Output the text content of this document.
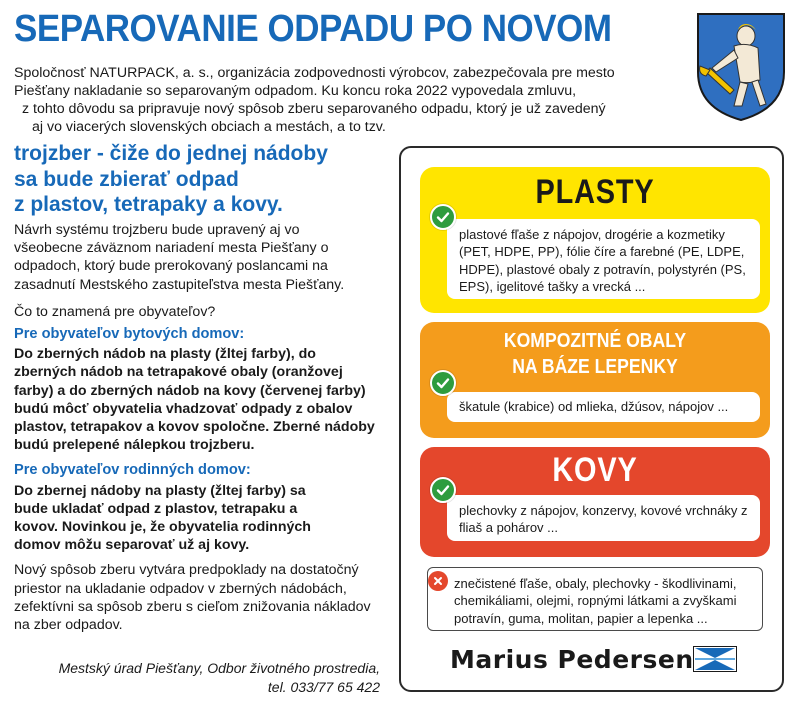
SEPAROVANIE ODPADU PO NOVOM
Spoločnosť NATURPACK, a. s., organizácia zodpovednosti výrobcov, zabezpečovala pre mesto
Piešťany nakladanie so separovaným odpadom. Ku koncu roka 2022 vypovedala zmluvu,
z tohto dôvodu sa pripravuje nový spôsob zberu separovaného odpadu, ktorý je už zavedený
aj vo viacerých slovenských obciach a mestách, a to tzv.
trojzber - čiže do jednej nádoby
sa bude zbierať odpad
z plastov, tetrapaky a kovy.

Návrh systému trojzberu bude upravený aj vo všeobecne záväznom nariadení mesta Piešťany o odpadoch, ktorý bude prerokovaný poslancami na zasadnutí Mestského zastupiteľstva mesta Piešťany.

Čo to znamená pre obyvateľov?

Pre obyvateľov bytových domov:

Do zberných nádob na plasty (žltej farby), do zberných nádob na tetrapakové obaly (oranžovej farby) a do zberných nádob na kovy (červenej farby) budú môcť obyvatelia vhadzovať odpady z obalov plastov, tetrapakov a kovov spoločne. Zberné nádoby budú prelepené nálepkou trojzberu.

Pre obyvateľov rodinných domov:

Do zbernej nádoby na plasty (žltej farby) sa bude ukladať odpad z plastov, tetrapaku a kovov. Novinkou je, že obyvatelia rodinných domov môžu separovať už aj kovy.

Nový spôsob zberu vytvára predpoklady na dostatočný priestor na ukladanie odpadov v zberných nádobách, zefektívni sa spôsob zberu s cieľom znižovania nákladov na zber odpadov.

Mestský úrad Piešťany, Odbor životného prostredia,
tel. 033/77 65 422
PLASTY
plastové fľaše z nápojov, drogérie a kozmetiky (PET, HDPE, PP), fólie číre a farebné (PE, LDPE, HDPE), plastové obaly z potravín, polystyrén (PS, EPS), igelitové tašky a vrecká ...
KOMPOZITNÉ OBALY
NA BÁZE LEPENKY
škatule (krabice) od mlieka, džúsov, nápojov ...
KOVY
plechovky z nápojov, konzervy, kovové vrchnáky z fliaš a pohárov ...
znečistené fľaše, obaly, plechovky - škodlivinami, chemikáliami, olejmi, ropnými látkami a zvyškami potravín, guma, molitan, papier a lepenka ...
Marius Pedersen
